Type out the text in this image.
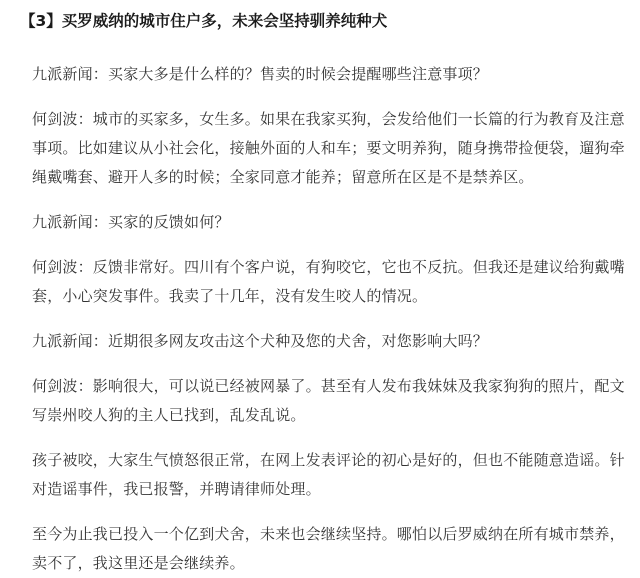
【3】买罗威纳的城市住户多，未来会坚持驯养纯种犬

九派新闻：买家大多是什么样的？售卖的时候会提醒哪些注意事项？

何剑波：城市的买家多，女生多。如果在我家买狗，会发给他们一长篇的行为教育及注意事项。比如建议从小社会化，接触外面的人和车；要文明养狗，随身携带捡便袋，遛狗牵绳戴嘴套、避开人多的时候；全家同意才能养；留意所在区是不是禁养区。

九派新闻：买家的反馈如何？

何剑波：反馈非常好。四川有个客户说，有狗咬它，它也不反抗。但我还是建议给狗戴嘴套，小心突发事件。我卖了十几年，没有发生咬人的情况。

九派新闻：近期很多网友攻击这个犬种及您的犬舍，对您影响大吗？

何剑波：影响很大，可以说已经被网暴了。甚至有人发布我妹妹及我家狗狗的照片，配文写崇州咬人狗的主人已找到，乱发乱说。

孩子被咬，大家生气愤怒很正常，在网上发表评论的初心是好的，但也不能随意造谣。针对造谣事件，我已报警，并聘请律师处理。

至今为止我已投入一个亿到犬舍，未来也会继续坚持。哪怕以后罗威纳在所有城市禁养，卖不了，我这里还是会继续养。
